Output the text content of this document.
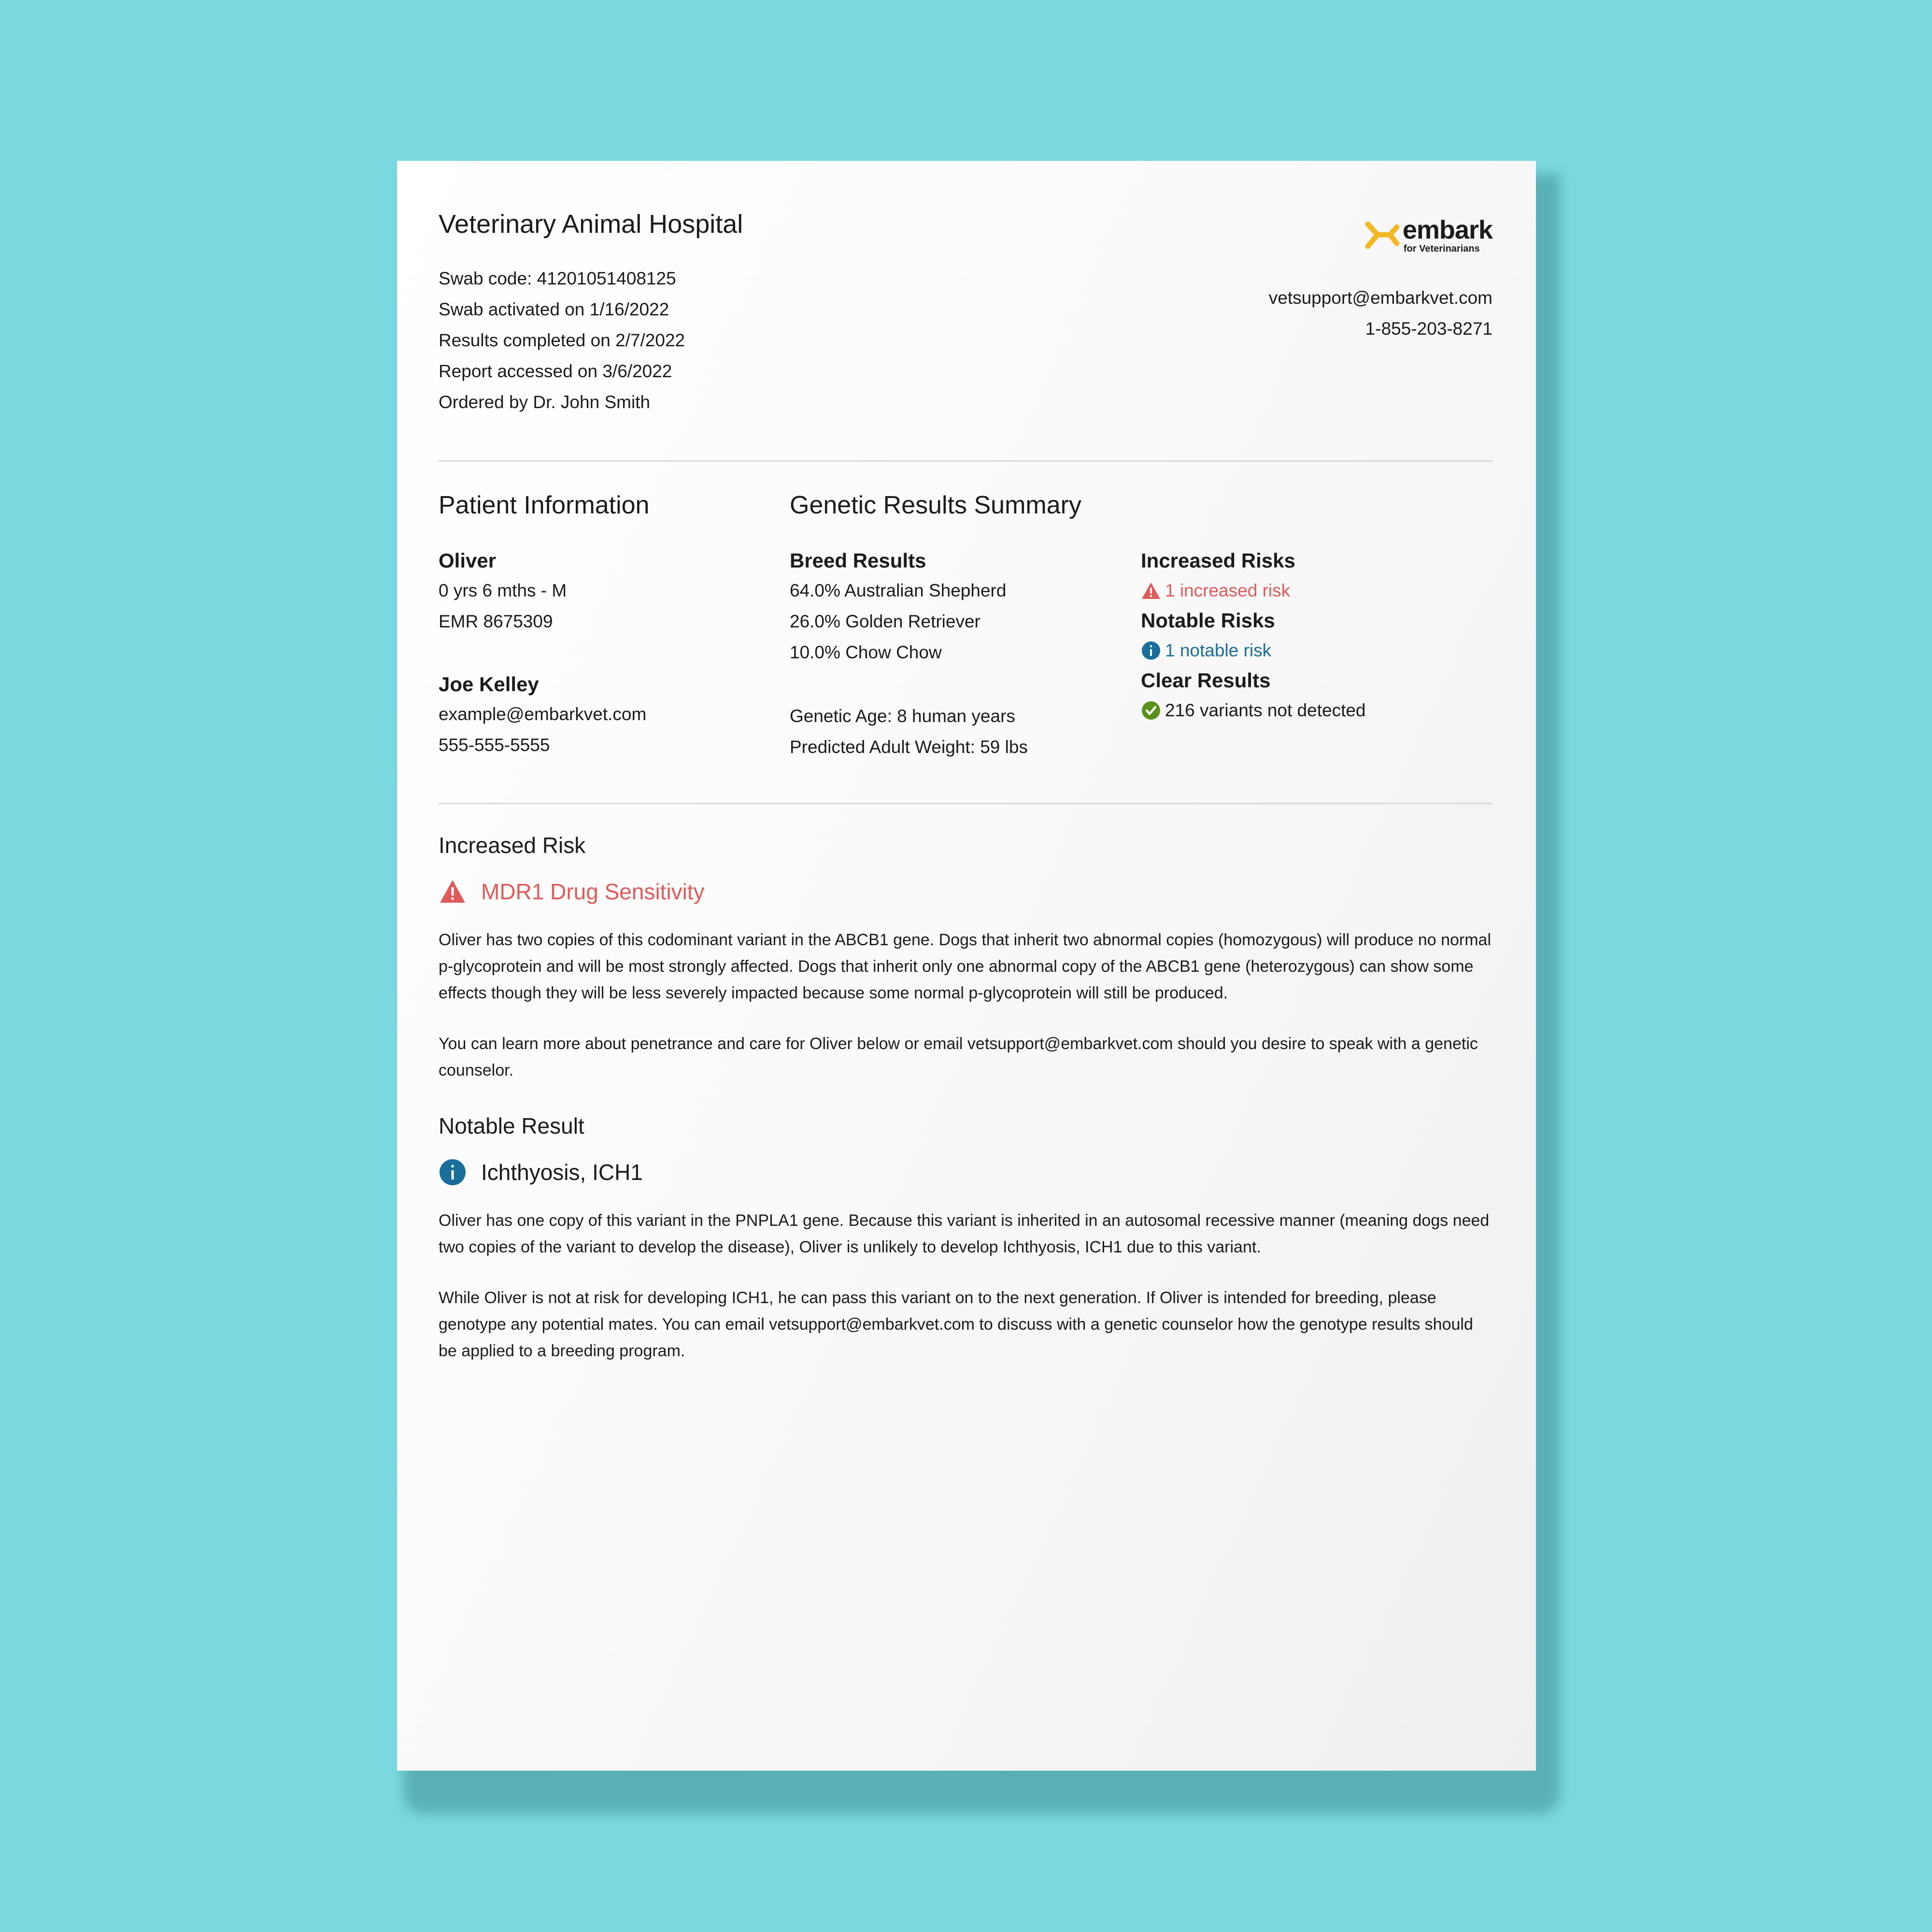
Veterinary Animal Hospital
Swab code: 41201051408125
Swab activated on 1/16/2022
Results completed on 2/7/2022
Report accessed on 3/6/2022
Ordered by Dr. John Smith
embark
for Veterinarians
vetsupport@embarkvet.com
1-855-203-8271
Patient Information
Oliver
0 yrs 6 mths - M
EMR 8675309
Joe Kelley
example@embarkvet.com
555-555-5555
Genetic Results Summary
Breed Results
64.0% Australian Shepherd
26.0% Golden Retriever
10.0% Chow Chow
Genetic Age: 8 human years
Predicted Adult Weight: 59 lbs
Increased Risks
1 increased risk
Notable Risks
1 notable risk
Clear Results
216 variants not detected
Increased Risk
MDR1 Drug Sensitivity

Oliver has two copies of this codominant variant in the ABCB1 gene. Dogs that inherit two abnormal copies (homozygous) will produce no normal p-glycoprotein and will be most strongly affected. Dogs that inherit only one abnormal copy of the ABCB1 gene (heterozygous) can show some effects though they will be less severely impacted because some normal p-glycoprotein will still be produced.

You can learn more about penetrance and care for Oliver below or email vetsupport@embarkvet.com should you desire to speak with a genetic counselor.

Notable Result
Ichthyosis, ICH1

Oliver has one copy of this variant in the PNPLA1 gene. Because this variant is inherited in an autosomal recessive manner (meaning dogs need two copies of the variant to develop the disease), Oliver is unlikely to develop Ichthyosis, ICH1 due to this variant.

While Oliver is not at risk for developing ICH1, he can pass this variant on to the next generation. If Oliver is intended for breeding, please genotype any potential mates. You can email vetsupport@embarkvet.com to discuss with a genetic counselor how the genotype results should be applied to a breeding program.
